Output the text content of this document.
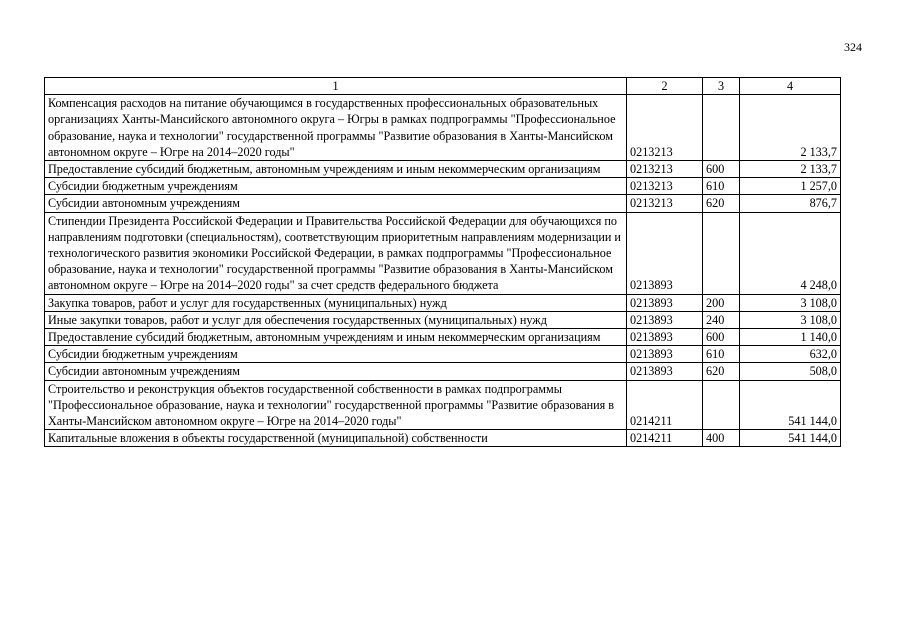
324
1	2	3	4
Компенсация расходов на питание обучающимся в государственных профессиональных образовательных организациях Ханты-Мансийского автономного округа – Югры в рамках подпрограммы "Профессиональное образование, наука и технологии" государственной программы "Развитие образования в Ханты-Мансийском автономном округе – Югре на 2014–2020 годы"	0213213		2 133,7
Предоставление субсидий бюджетным, автономным учреждениям и иным некоммерческим организациям	0213213	600	2 133,7
Субсидии бюджетным учреждениям	0213213	610	1 257,0
Субсидии автономным учреждениям	0213213	620	876,7
Стипендии Президента Российской Федерации и Правительства Российской Федерации для обучающихся по направлениям подготовки (специальностям), соответствующим приоритетным направлениям модернизации и технологического развития экономики Российской Федерации, в рамках подпрограммы "Профессиональное образование, наука и технологии" государственной программы "Развитие образования в Ханты-Мансийском автономном округе – Югре на 2014–2020 годы" за счет средств федерального бюджета	0213893		4 248,0
Закупка товаров, работ и услуг для государственных (муниципальных) нужд	0213893	200	3 108,0
Иные закупки товаров, работ и услуг для обеспечения государственных (муниципальных) нужд	0213893	240	3 108,0
Предоставление субсидий бюджетным, автономным учреждениям и иным некоммерческим организациям	0213893	600	1 140,0
Субсидии бюджетным учреждениям	0213893	610	632,0
Субсидии автономным учреждениям	0213893	620	508,0
Строительство и реконструкция объектов государственной собственности в рамках подпрограммы "Профессиональное образование, наука и технологии" государственной программы "Развитие образования в Ханты-Мансийском автономном округе – Югре на 2014–2020 годы"	0214211		541 144,0
Капитальные вложения в объекты государственной (муниципальной) собственности	0214211	400	541 144,0
